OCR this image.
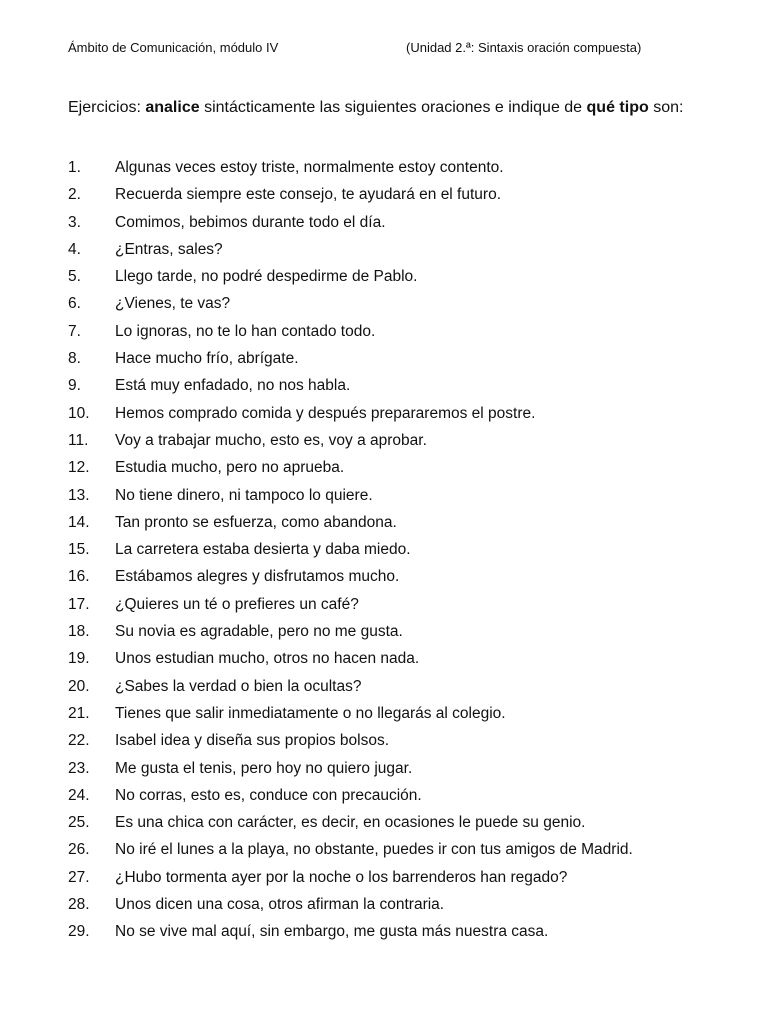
Ámbito de Comunicación, módulo IV	(Unidad 2.ª: Sintaxis oración compuesta)

Ejercicios: analice sintácticamente las siguientes oraciones e indique de qué tipo son:

1. Algunas veces estoy triste, normalmente estoy contento.
2. Recuerda siempre este consejo, te ayudará en el futuro.
3. Comimos, bebimos durante todo el día.
4. ¿Entras, sales?
5. Llego tarde, no podré despedirme de Pablo.
6. ¿Vienes, te vas?
7. Lo ignoras, no te lo han contado todo.
8. Hace mucho frío, abrígate.
9. Está muy enfadado, no nos habla.
10. Hemos comprado comida y después prepararemos el postre.
11. Voy a trabajar mucho, esto es, voy a aprobar.
12. Estudia mucho, pero no aprueba.
13. No tiene dinero, ni tampoco lo quiere.
14. Tan pronto se esfuerza, como abandona.
15. La carretera estaba desierta y daba miedo.
16. Estábamos alegres y disfrutamos mucho.
17. ¿Quieres un té o prefieres un café?
18. Su novia es agradable, pero no me gusta.
19. Unos estudian mucho, otros no hacen nada.
20. ¿Sabes la verdad o bien la ocultas?
21. Tienes que salir inmediatamente o no llegarás al colegio.
22. Isabel idea y diseña sus propios bolsos.
23. Me gusta el tenis, pero hoy no quiero jugar.
24. No corras, esto es, conduce con precaución.
25. Es una chica con carácter, es decir, en ocasiones le puede su genio.
26. No iré el lunes a la playa, no obstante, puedes ir con tus amigos de Madrid.
27. ¿Hubo tormenta ayer por la noche o los barrenderos han regado?
28. Unos dicen una cosa, otros afirman la contraria.
29. No se vive mal aquí, sin embargo, me gusta más nuestra casa.
